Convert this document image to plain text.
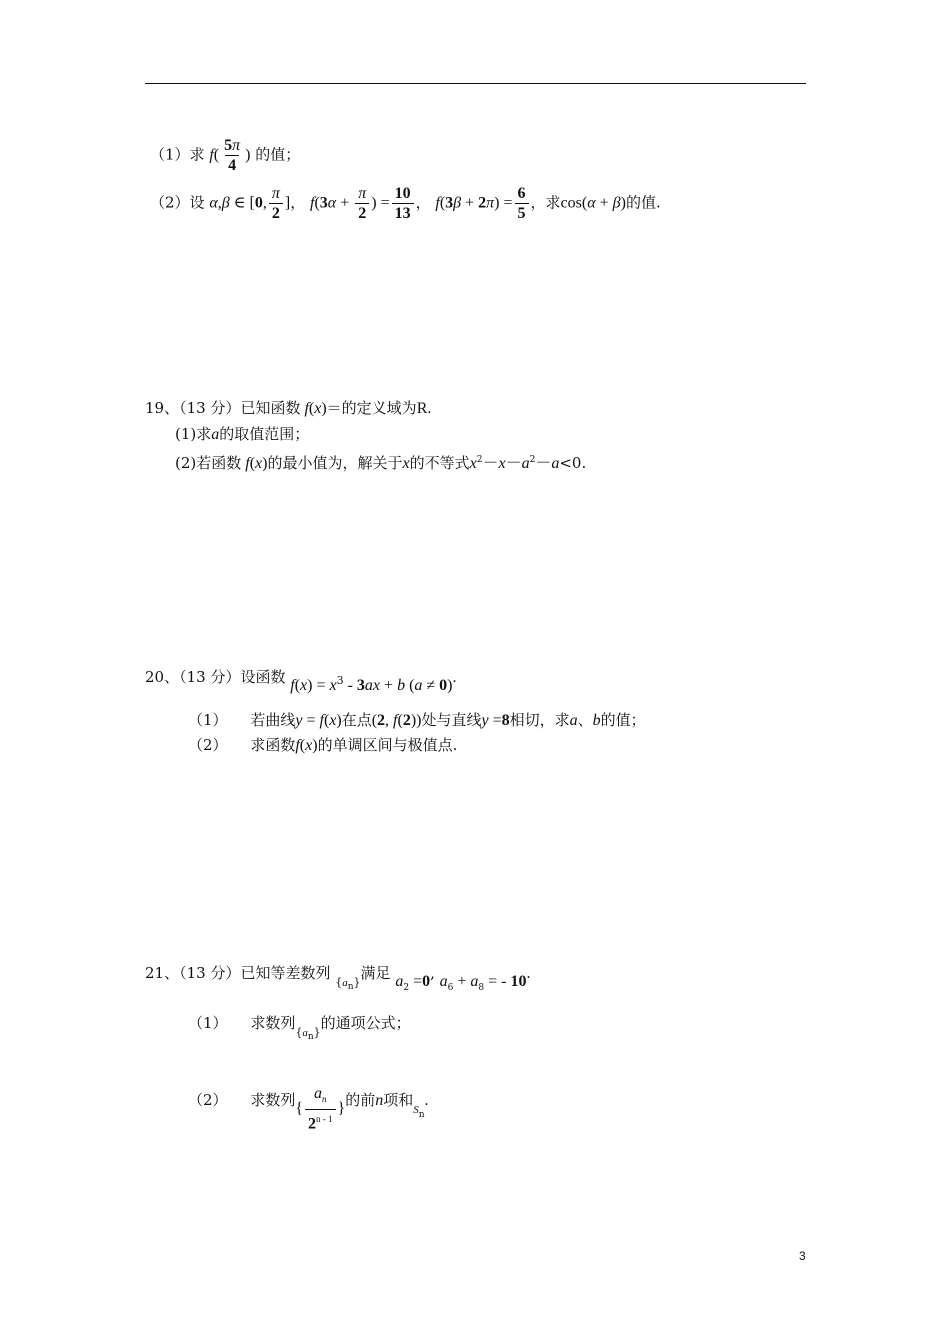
（1）求 $f( \frac{5\pi}{4}$ ) 的值；
（2）设 α,β ∈ [0, $\frac{\pi}{2}$ ]， $f(3\alpha + \frac{\pi}{2}$ ) = $\frac{10}{13}$ ， $f(3\beta + 2\pi) = \frac{6}{5}$ ，求cos(α + β)的值.
19、（13 分）已知函数 f(x)＝的定义域为R.
(1)求a的取值范围；
(2)若函数 f(x)的最小值为，解关于x的不等式$x^2-x-a^2-a<0$.
20、（13 分）设函数 $f(x) = x^3 - 3ax + b$ (a ≠ 0).
（1） 若曲线y = f(x)在点(2, f(2))处与直线y =8相切，求a、b的值；
（2） 求函数f(x)的单调区间与极值点.
21、（13 分）已知等差数列 $_{\{a_n\}}$满足 $a_2 =0$, $a_6 + a_8$ = - 10.
（1） 求数列$_{\{a_n\}}$的通项公式；
（2） 求数列{ $\frac{a_n}{2^{n - 1}}$ }的前n项和$S_n$.
3
